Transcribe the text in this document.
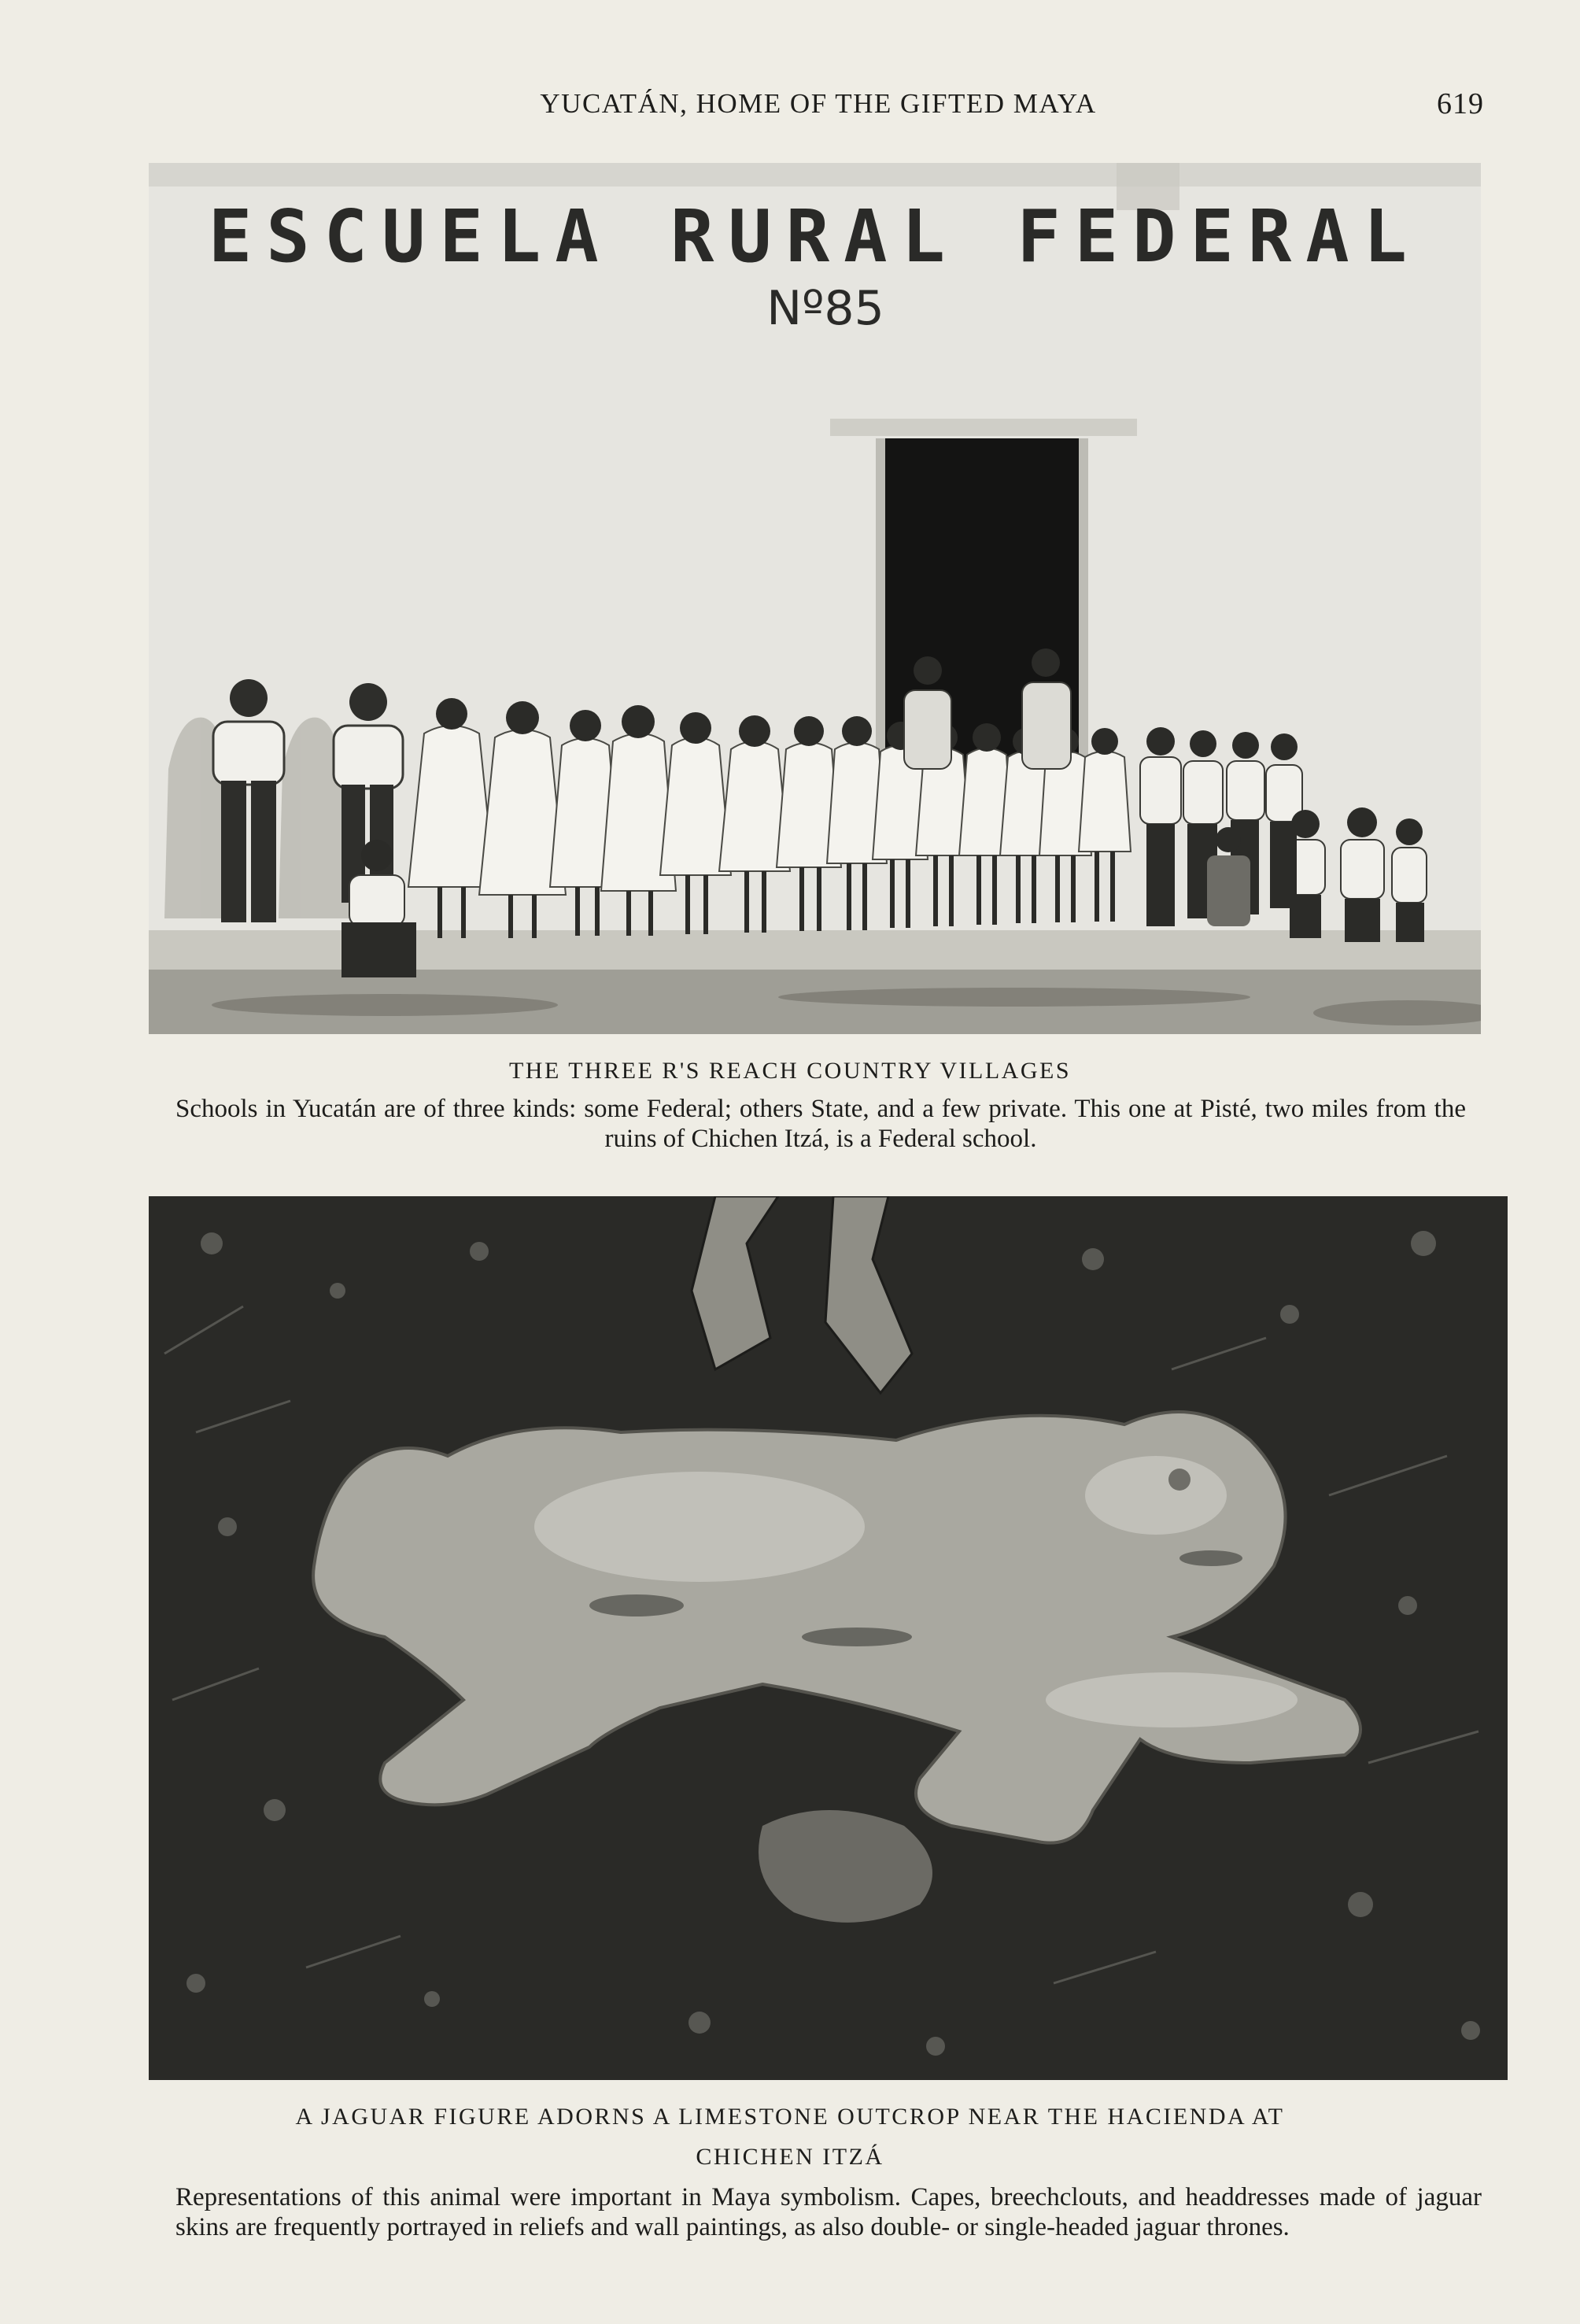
YUCATÁN, HOME OF THE GIFTED MAYA	619
ESCUELA RURAL FEDERAL
Nº85
THE THREE R'S REACH COUNTRY VILLAGES
Schools in Yucatán are of three kinds: some Federal; others State, and a few private. This one at Pisté, two miles from the ruins of Chichen Itzá, is a Federal school.
A JAGUAR FIGURE ADORNS A LIMESTONE OUTCROP NEAR THE HACIENDA AT
CHICHEN ITZÁ
Representations of this animal were important in Maya symbolism. Capes, breechclouts, and headdresses made of jaguar skins are frequently portrayed in reliefs and wall paintings, as also double- or single-headed jaguar thrones.
